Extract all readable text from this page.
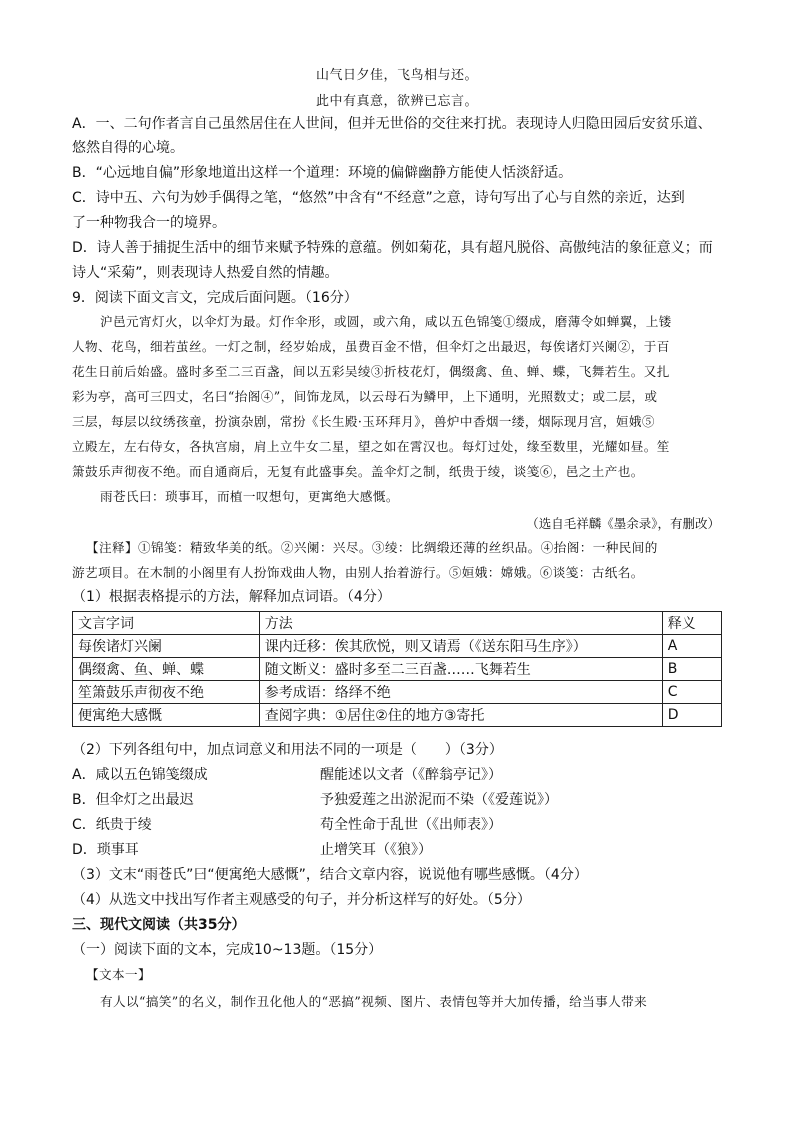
山气日夕佳，飞鸟相与还。
此中有真意，欲辨已忘言。
A．一、二句作者言自己虽然居住在人世间，但并无世俗的交往来打扰。表现诗人归隐田园后安贫乐道、
悠然自得的心境。
B．“心远地自偏”形象地道出这样一个道理：环境的偏僻幽静方能使人恬淡舒适。
C．诗中五、六句为妙手偶得之笔，“悠然”中含有“不经意”之意，诗句写出了心与自然的亲近，达到
了一种物我合一的境界。
D．诗人善于捕捉生活中的细节来赋予特殊的意蕴。例如菊花，具有超凡脱俗、高傲纯洁的象征意义；而
诗人“采菊”，则表现诗人热爱自然的情趣。
9．阅读下面文言文，完成后面问题。（16分）
沪邑元宵灯火，以伞灯为最。灯作伞形，或圆，或六角，咸以五色锦笺①缀成，磨薄令如蝉翼，上镂
人物、花鸟，细若茧丝。一灯之制，经岁始成，虽费百金不惜，但伞灯之出最迟，每俟诸灯兴阑②，于百
花生日前后始盛。盛时多至二三百盏，间以五彩吴绫③折枝花灯，偶缀禽、鱼、蝉、蝶，飞舞若生。又扎
彩为亭，高可三四丈，名曰“抬阁④”，间饰龙凤，以云母石为鳞甲，上下通明，光照数丈；或二层，或
三层，每层以纹绣孩童，扮演杂剧，常扮《长生殿·玉环拜月》，兽炉中香烟一缕，烟际现月宫，姮娥⑤
立殿左，左右侍女，各执宫扇，肩上立牛女二星，望之如在霄汉也。每灯过处，缘至数里，光耀如昼。笙
箫鼓乐声彻夜不绝。而自通商后，无复有此盛事矣。盖伞灯之制，纸贵于绫，谈笺⑥，邑之土产也。
雨苍氏曰：琐事耳，而植一叹想句，更寓绝大感慨。
（选自毛祥麟《墨余录》，有删改）
【注释】①锦笺：精致华美的纸。②兴阑：兴尽。③绫：比绸缎还薄的丝织品。④抬阁：一种民间的
游艺项目。在木制的小阁里有人扮饰戏曲人物，由别人抬着游行。⑤姮娥：嫦娥。⑥谈笺：古纸名。
（1）根据表格提示的方法，解释加点词语。（4分）
文言字词	方法	释义
每俟诸灯兴阑	课内迁移：俟其欣悦，则又请焉（《送东阳马生序》）	A
偶缀禽、鱼、蝉、蝶	随文断义：盛时多至二三百盏……飞舞若生	B
笙箫鼓乐声彻夜不绝	参考成语：络绎不绝	C
便寓绝大感慨	查阅字典：①居住②住的地方③寄托	D
（2）下列各组句中，加点词意义和用法不同的一项是（　　）（3分）
A．咸以五色锦笺缀成	醒能述以文者（《醉翁亭记》）
B．但伞灯之出最迟	予独爱莲之出淤泥而不染（《爱莲说》）
C．纸贵于绫	苟全性命于乱世（《出师表》）
D．琐事耳	止增笑耳（《狼》）
（3）文末“雨苍氏”曰“便寓绝大感慨”，结合文章内容，说说他有哪些感慨。（4分）
（4）从选文中找出写作者主观感受的句子，并分析这样写的好处。（5分）
三、现代文阅读（共35分）
（一）阅读下面的文本，完成10~13题。（15分）
【文本一】
有人以“搞笑”的名义，制作丑化他人的“恶搞”视频、图片、表情包等并大加传播，给当事人带来
